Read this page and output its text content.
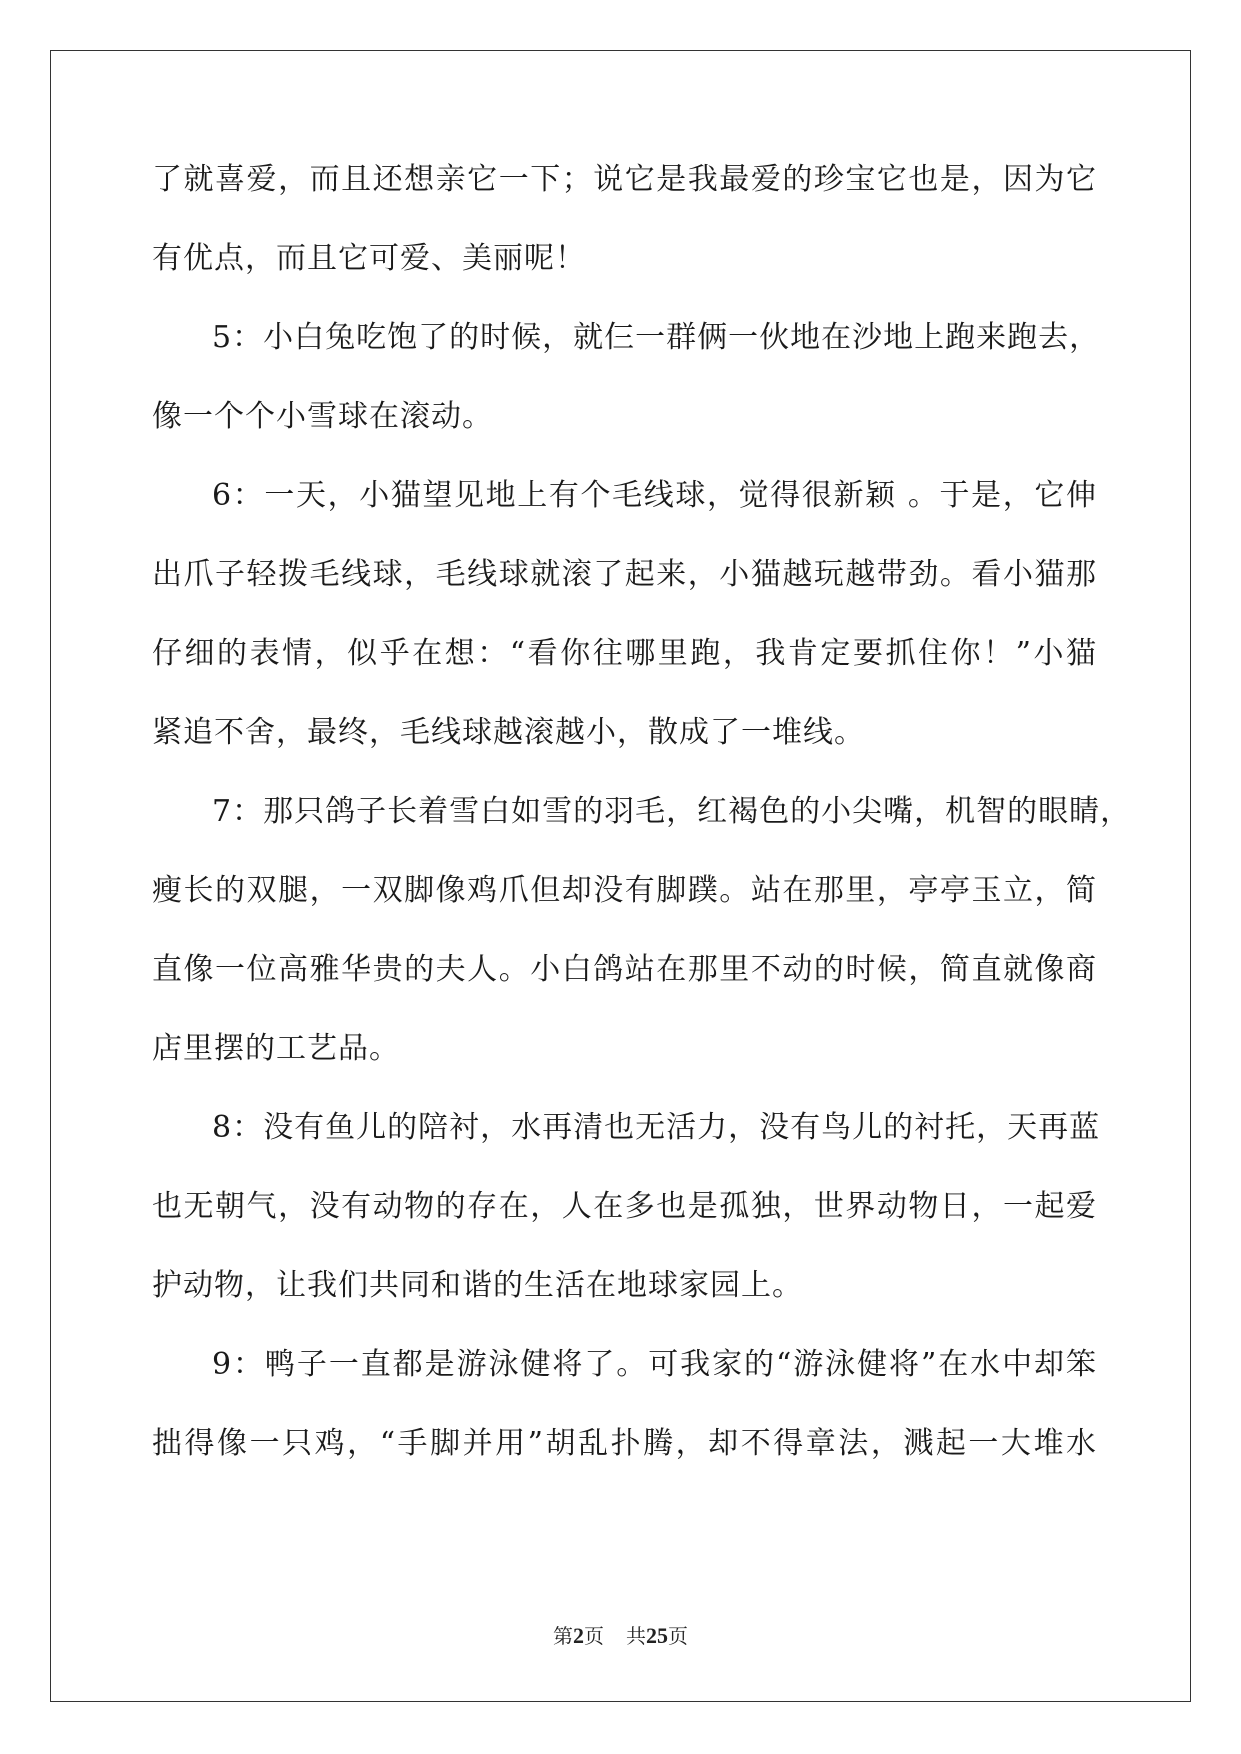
了就喜爱，而且还想亲它一下；说它是我最爱的珍宝它也是，因为它
有优点，而且它可爱、美丽呢！
5：小白兔吃饱了的时候，就仨一群俩一伙地在沙地上跑来跑去，
像一个个小雪球在滚动。
6：一天，小猫望见地上有个毛线球，觉得很新颖 。于是，它伸
出爪子轻拨毛线球，毛线球就滚了起来，小猫越玩越带劲。看小猫那
仔细的表情，似乎在想：“看你往哪里跑，我肯定要抓住你！”小猫
紧追不舍，最终，毛线球越滚越小，散成了一堆线。
7：那只鸽子长着雪白如雪的羽毛，红褐色的小尖嘴，机智的眼睛，
瘦长的双腿，一双脚像鸡爪但却没有脚蹼。站在那里，亭亭玉立，简
直像一位高雅华贵的夫人。小白鸽站在那里不动的时候，简直就像商
店里摆的工艺品。
8：没有鱼儿的陪衬，水再清也无活力，没有鸟儿的衬托，天再蓝
也无朝气，没有动物的存在，人在多也是孤独，世界动物日，一起爱
护动物，让我们共同和谐的生活在地球家园上。
9：鸭子一直都是游泳健将了。可我家的“游泳健将”在水中却笨
拙得像一只鸡，“手脚并用”胡乱扑腾，却不得章法，溅起一大堆水
第2页 共25页
